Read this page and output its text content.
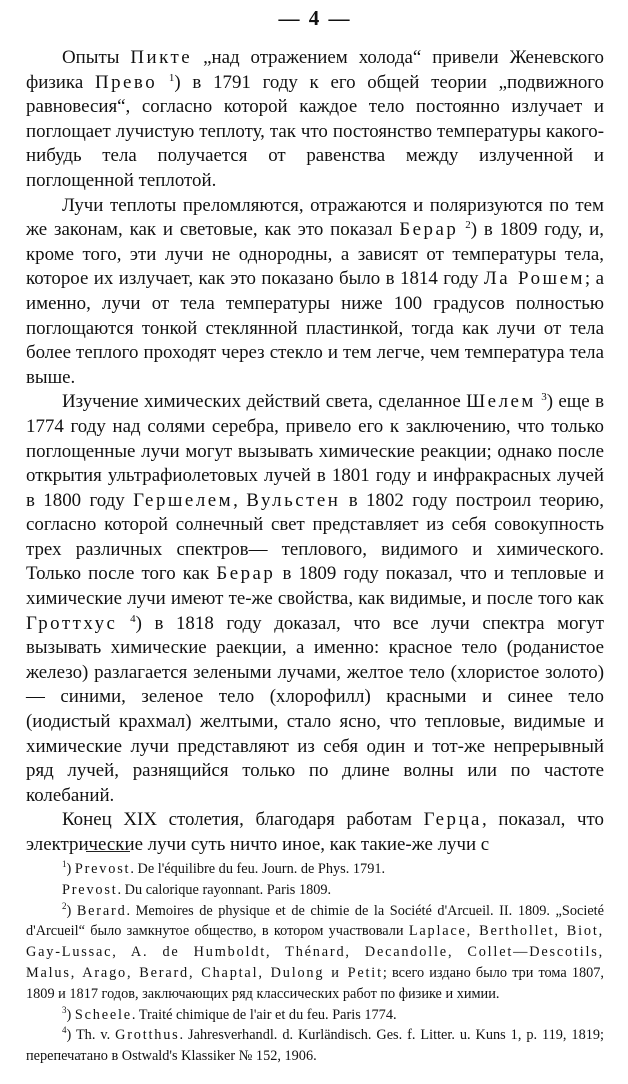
— 4 —

Опыты Пикте „над отражением холода“ привели Женевского физика Прево $^1$) в 1791 году к его общей теории „подвижного равновесия“, согласно которой каждое тело постоянно излучает и поглощает лучистую теплоту, так что постоянство температуры какого-нибудь тела получается от равенства между излученной и поглощенной теплотой.

Лучи теплоты преломляются, отражаются и поляризуются по тем же законам, как и световые, как это показал Берар $^2$) в 1809 году, и, кроме того, эти лучи не однородны, а зависят от температуры тела, которое их излучает, как это показано было в 1814 году Ла Рошем; а именно, лучи от тела температуры ниже 100 градусов полностью поглощаются тонкой стеклянной пластинкой, тогда как лучи от тела более теплого проходят через стекло и тем легче, чем температура тела выше.

Изучение химических действий света, сделанное Шелем $^3$) еще в 1774 году над солями серебра, привело его к заключению, что только поглощенные лучи могут вызывать химические реакции; однако после открытия ультрафиолетовых лучей в 1801 году и инфракрасных лучей в 1800 году Гершелем, Вульстен в 1802 году построил теорию, согласно которой солнечный свет представляет из себя совокупность трех различных спектров— теплового, видимого и химического. Только после того как Берар в 1809 году показал, что и тепловые и химические лучи имеют те-же свойства, как видимые, и после того как Гроттхус $^4$) в 1818 году доказал, что все лучи спектра могут вызывать химические раекции, а именно: красное тело (роданистое железо) разлагается зелеными лучами, желтое тело (хлористое золото)— синими, зеленое тело (хлорофилл) красными и синее тело (иодистый крахмал) желтыми, стало ясно, что тепловые, видимые и химические лучи представляют из себя один и тот-же непрерывный ряд лучей, разнящийся только по длине волны или по частоте колебаний.

Конец XIX столетия, благодаря работам Герца, показал, что электрические лучи суть ничто иное, как такие-же лучи с

$^1$) Prevost. De l'équilibre du feu. Journ. de Phys. 1791.

Prevost. Du calorique rayonnant. Paris 1809.

$^2$) Berard. Memoires de physique et de chimie de la Société d'Arcueil. II. 1809. „Societé d'Arcueil“ было замкнутое общество, в котором участвовали Laplace, Berthollet, Biot, Gay-Lussac, A. de Humboldt, Thénard, Decandolle, Collet—Descotils, Malus, Arago, Berard, Chaptal, Dulong и Petit; всего издано было три тома 1807, 1809 и 1817 годов, заключающих ряд классических работ по физике и химии.

$^3$) Scheele. Traité chimique de l'air et du feu. Paris 1774.

$^4$) Th. v. Grotthus. Jahresverhandl. d. Kurländisch. Ges. f. Litter. u. Kuns 1, p. 119, 1819; перепечатано в Ostwald's Klassiker № 152, 1906.
